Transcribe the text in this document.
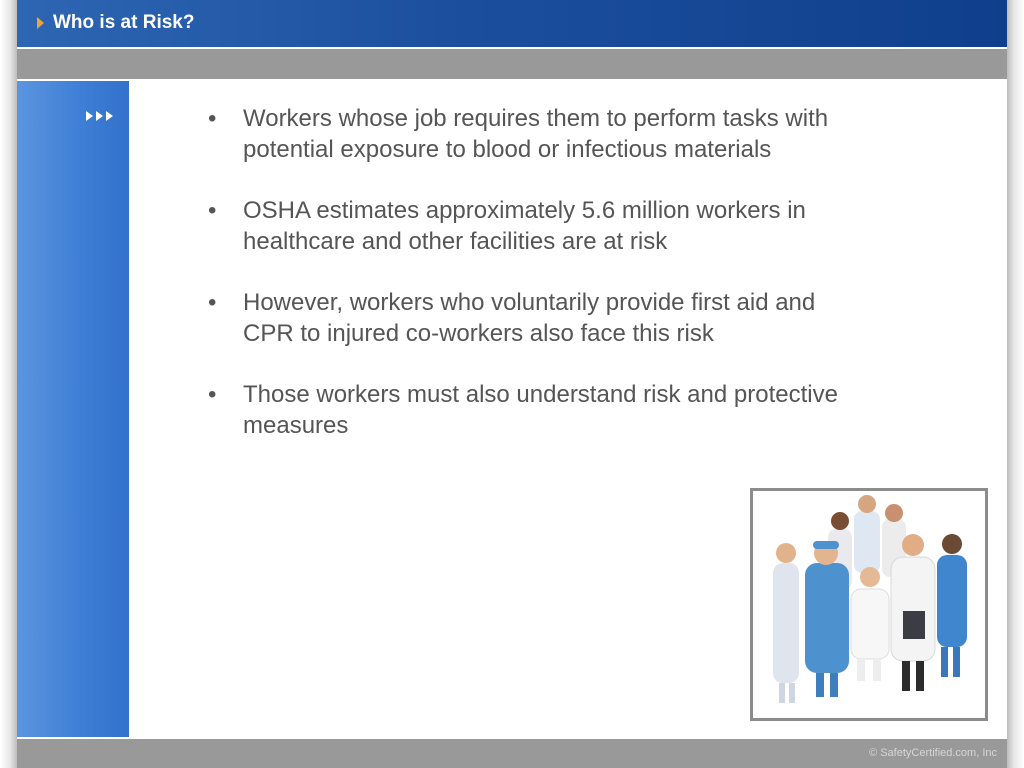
Who is at Risk?
• Workers whose job requires them to perform tasks with potential exposure to blood or infectious materials
• OSHA estimates approximately 5.6 million workers in healthcare and other facilities are at risk
• However, workers who voluntarily provide first aid and CPR to injured co-workers also face this risk
• Those workers must also understand risk and protective measures
© SafetyCertified.com, Inc
